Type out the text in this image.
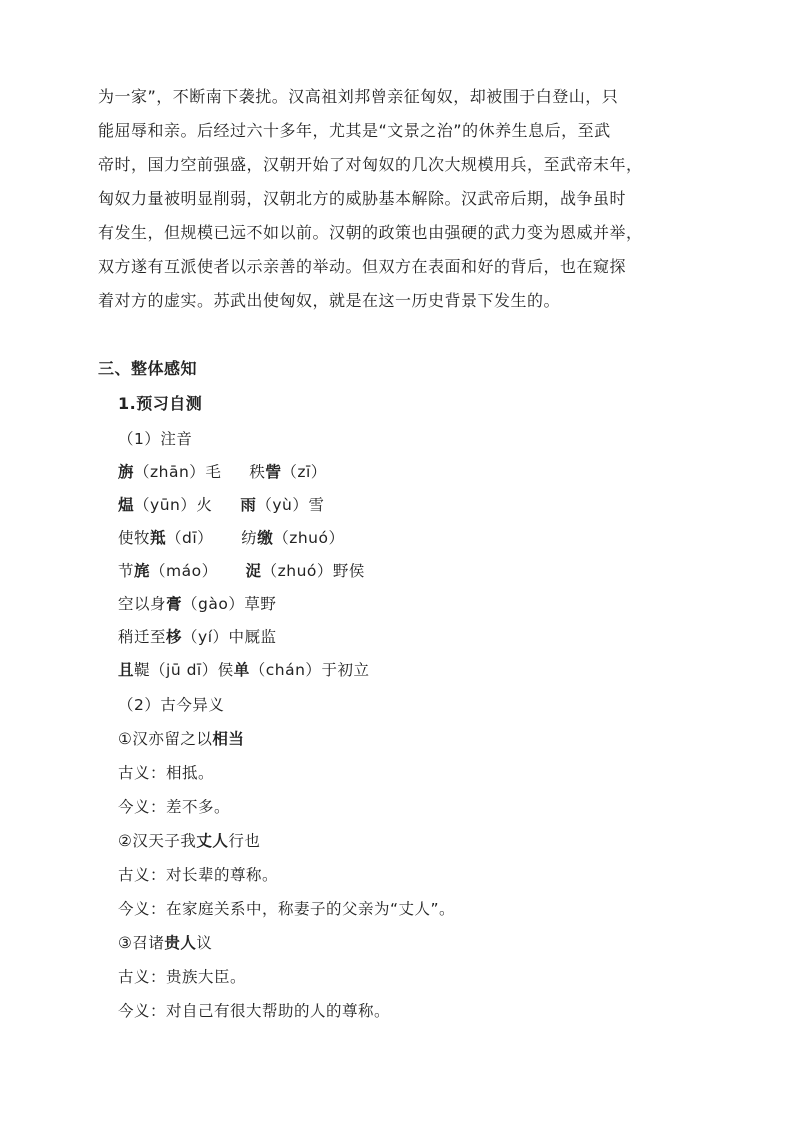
为一家”，不断南下袭扰。汉高祖刘邦曾亲征匈奴，却被围于白登山，只
能屈辱和亲。后经过六十多年，尤其是“文景之治”的休养生息后，至武
帝时，国力空前强盛，汉朝开始了对匈奴的几次大规模用兵，至武帝末年，
匈奴力量被明显削弱，汉朝北方的威胁基本解除。汉武帝后期，战争虽时
有发生，但规模已远不如以前。汉朝的政策也由强硬的武力变为恩威并举，
双方遂有互派使者以示亲善的举动。但双方在表面和好的背后，也在窥探
着对方的虚实。苏武出使匈奴，就是在这一历史背景下发生的。
三、整体感知
1.预习自测
（1）注音
旃（zhān）毛 秩訾（zī）
煴（yūn）火 雨（yù）雪
使牧羝（dī） 纺缴（zhuó）
节旄（máo） 浞（zhuó）野侯
空以身膏（gào）草野
稍迁至栘（yí）中厩监
且鞮（jū dī）侯单（chán）于初立
（2）古今异义
①汉亦留之以相当
古义：相抵。
今义：差不多。
②汉天子我丈人行也
古义：对长辈的尊称。
今义：在家庭关系中，称妻子的父亲为“丈人”。
③召诸贵人议
古义：贵族大臣。
今义：对自己有很大帮助的人的尊称。
